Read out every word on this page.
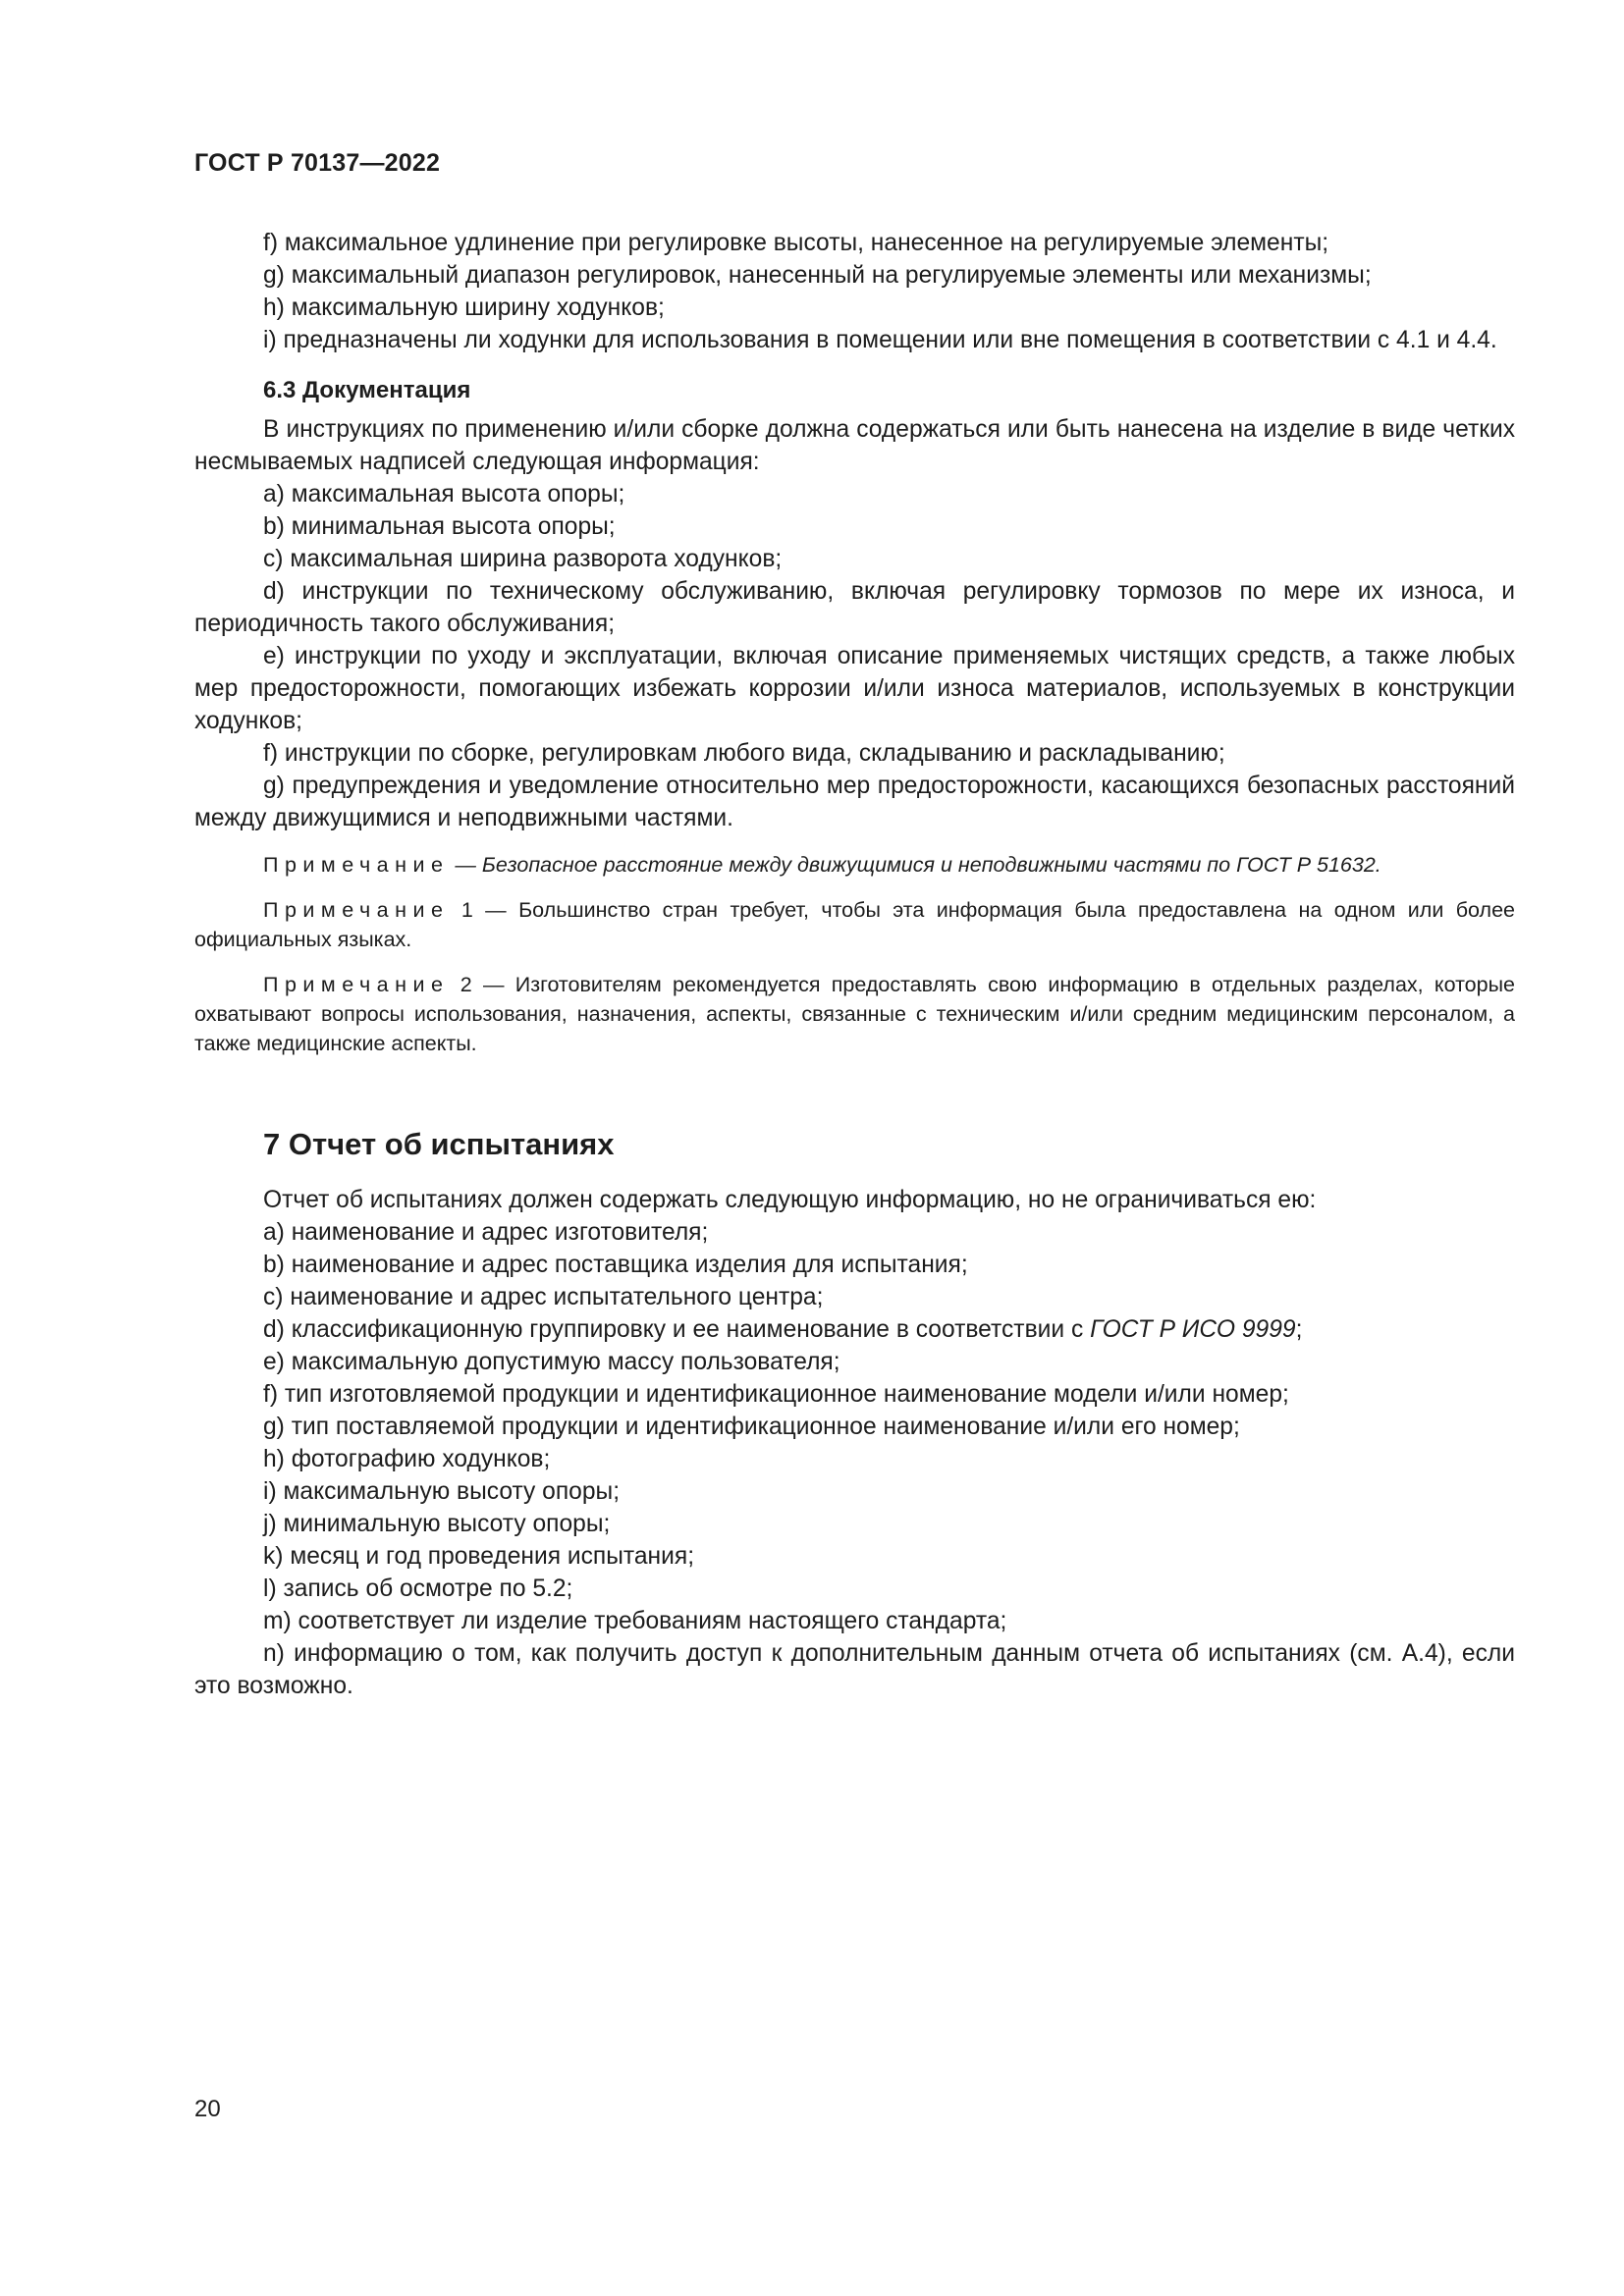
ГОСТ Р 70137—2022

f) максимальное удлинение при регулировке высоты, нанесенное на регулируемые элементы;

g) максимальный диапазон регулировок, нанесенный на регулируемые элементы или механизмы;

h) максимальную ширину ходунков;

i) предназначены ли ходунки для использования в помещении или вне помещения в соответствии с 4.1 и 4.4.

6.3 Документация

В инструкциях по применению и/или сборке должна содержаться или быть нанесена на изделие в виде четких несмываемых надписей следующая информация:

a) максимальная высота опоры;

b) минимальная высота опоры;

c) максимальная ширина разворота ходунков;

d) инструкции по техническому обслуживанию, включая регулировку тормозов по мере их износа, и периодичность такого обслуживания;

e) инструкции по уходу и эксплуатации, включая описание применяемых чистящих средств, а также любых мер предосторожности, помогающих избежать коррозии и/или износа материалов, используемых в конструкции ходунков;

f) инструкции по сборке, регулировкам любого вида, складыванию и раскладыванию;

g) предупреждения и уведомление относительно мер предосторожности, касающихся безопасных расстояний между движущимися и неподвижными частями.

Примечание — Безопасное расстояние между движущимися и неподвижными частями по ГОСТ Р 51632.

Примечание 1 — Большинство стран требует, чтобы эта информация была предоставлена на одном или более официальных языках.

Примечание 2 — Изготовителям рекомендуется предоставлять свою информацию в отдельных разделах, которые охватывают вопросы использования, назначения, аспекты, связанные с техническим и/или средним медицинским персоналом, а также медицинские аспекты.

7 Отчет об испытаниях

Отчет об испытаниях должен содержать следующую информацию, но не ограничиваться ею:

a) наименование и адрес изготовителя;

b) наименование и адрес поставщика изделия для испытания;

c) наименование и адрес испытательного центра;

d) классификационную группировку и ее наименование в соответствии с ГОСТ Р ИСО 9999;

e) максимальную допустимую массу пользователя;

f) тип изготовляемой продукции и идентификационное наименование модели и/или номер;

g) тип поставляемой продукции и идентификационное наименование и/или его номер;

h) фотографию ходунков;

i) максимальную высоту опоры;

j) минимальную высоту опоры;

k) месяц и год проведения испытания;

l) запись об осмотре по 5.2;

m) соответствует ли изделие требованиям настоящего стандарта;

n) информацию о том, как получить доступ к дополнительным данным отчета об испытаниях (см. А.4), если это возможно.

20
